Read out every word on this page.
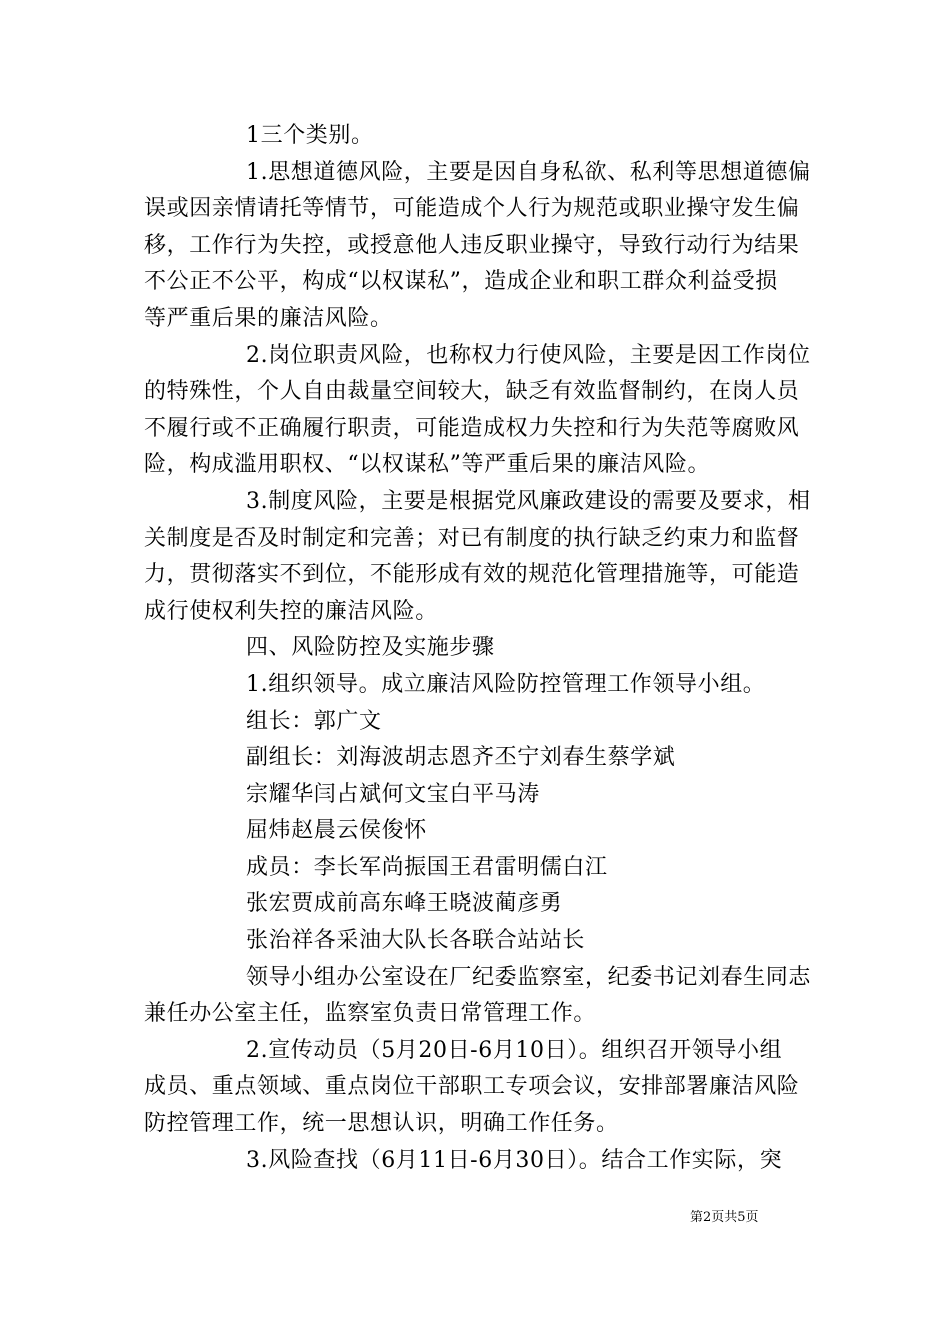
1三个类别。
1.思想道德风险，主要是因自身私欲、私利等思想道德偏
误或因亲情请托等情节，可能造成个人行为规范或职业操守发生偏
移，工作行为失控，或授意他人违反职业操守，导致行动行为结果
不公正不公平，构成“以权谋私”，造成企业和职工群众利益受损
等严重后果的廉洁风险。
2.岗位职责风险，也称权力行使风险，主要是因工作岗位
的特殊性，个人自由裁量空间较大，缺乏有效监督制约，在岗人员
不履行或不正确履行职责，可能造成权力失控和行为失范等腐败风
险，构成滥用职权、“以权谋私”等严重后果的廉洁风险。
3.制度风险，主要是根据党风廉政建设的需要及要求，相
关制度是否及时制定和完善；对已有制度的执行缺乏约束力和监督
力，贯彻落实不到位，不能形成有效的规范化管理措施等，可能造
成行使权利失控的廉洁风险。
四、风险防控及实施步骤
1.组织领导。成立廉洁风险防控管理工作领导小组。
组长：郭广文
副组长：刘海波胡志恩齐丕宁刘春生蔡学斌
宗耀华闫占斌何文宝白平马涛
屈炜赵晨云侯俊怀
成员：李长军尚振国王君雷明儒白江
张宏贾成前高东峰王晓波蔺彦勇
张治祥各采油大队长各联合站站长
领导小组办公室设在厂纪委监察室，纪委书记刘春生同志
兼任办公室主任，监察室负责日常管理工作。
2.宣传动员（5月20日-6月10日）。组织召开领导小组
成员、重点领域、重点岗位干部职工专项会议，安排部署廉洁风险
防控管理工作，统一思想认识，明确工作任务。
3.风险查找（6月11日-6月30日）。结合工作实际，突
第2页共5页
